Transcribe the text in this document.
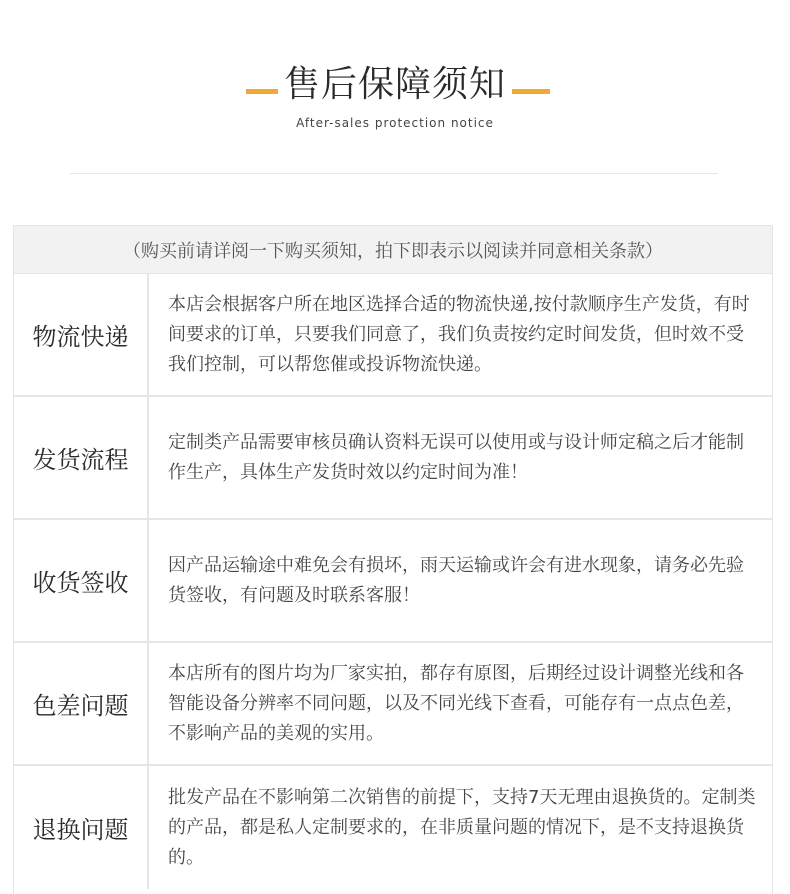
售后保障须知
After-sales protection notice
（购买前请详阅一下购买须知，拍下即表示以阅读并同意相关条款）
物流快递

本店会根据客户所在地区选择合适的物流快递,按付款顺序生产发货，有时间要求的订单，只要我们同意了，我们负责按约定时间发货，但时效不受我们控制，可以帮您催或投诉物流快递。

发货流程

定制类产品需要审核员确认资料无误可以使用或与设计师定稿之后才能制作生产，具体生产发货时效以约定时间为准！

收货签收

因产品运输途中难免会有损坏，雨天运输或许会有进水现象，请务必先验货签收，有问题及时联系客服！

色差问题

本店所有的图片均为厂家实拍，都存有原图，后期经过设计调整光线和各智能设备分辨率不同问题，以及不同光线下查看，可能存有一点点色差，不影响产品的美观的实用。

退换问题

批发产品在不影响第二次销售的前提下，支持7天无理由退换货的。定制类的产品，都是私人定制要求的，在非质量问题的情况下，是不支持退换货的。
